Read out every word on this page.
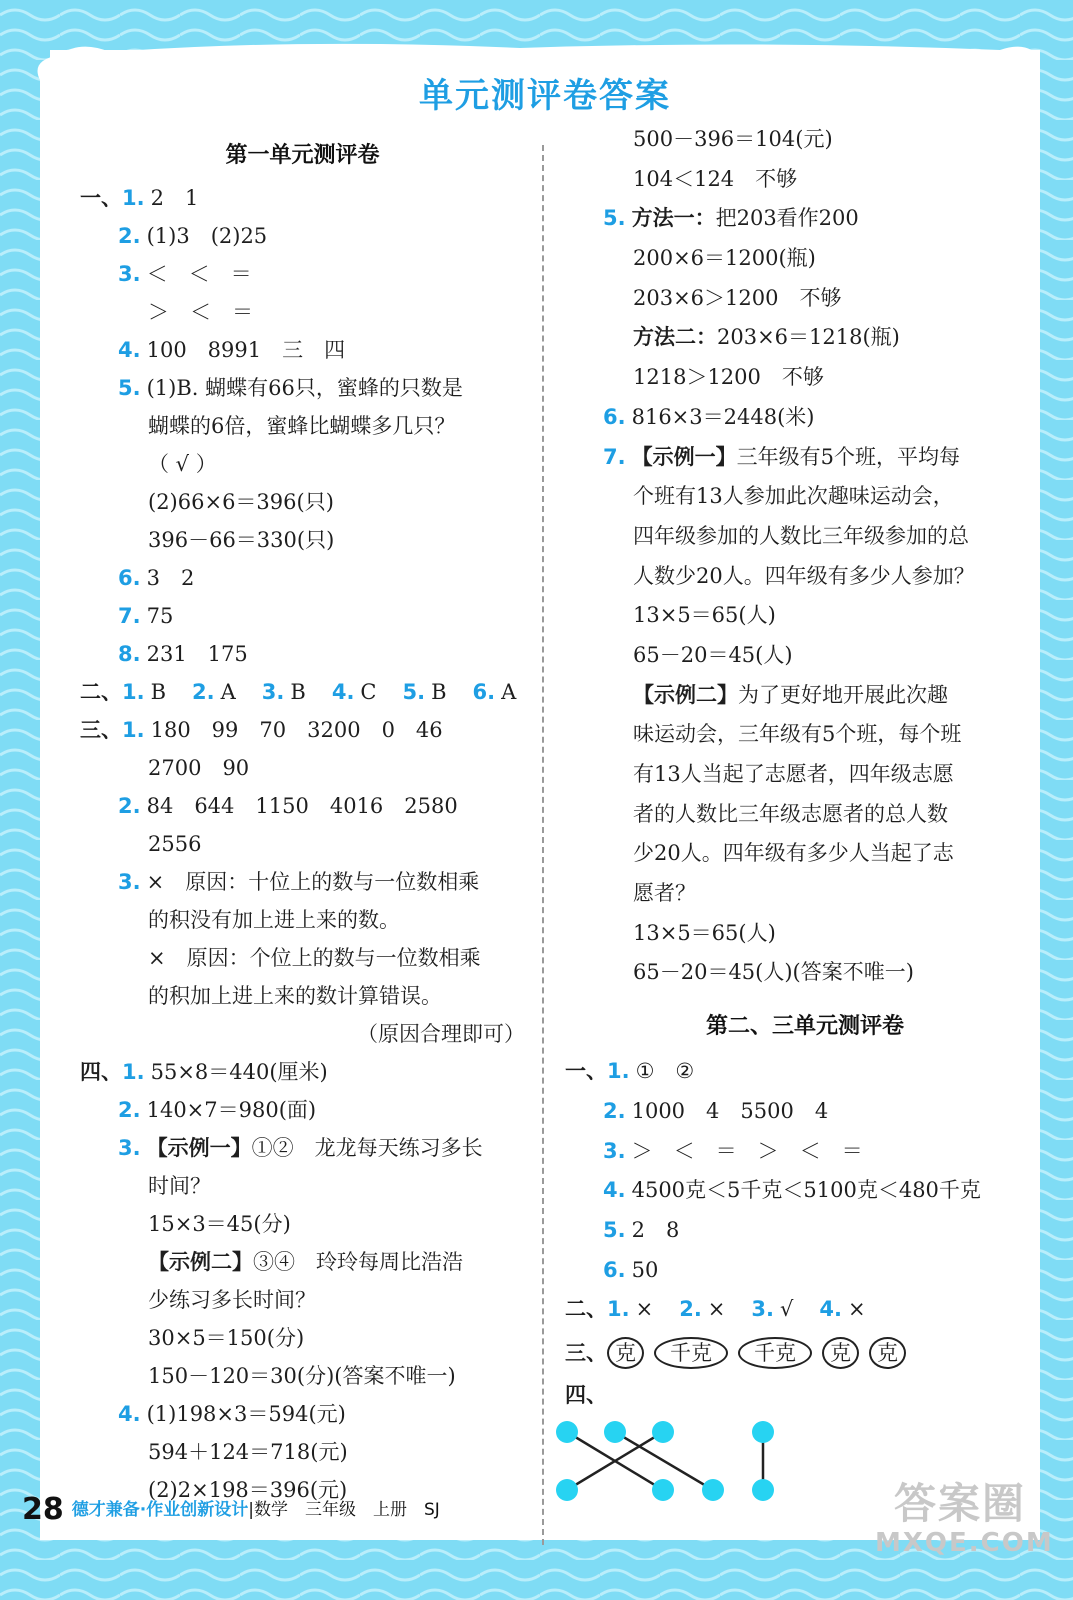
单元测评卷答案
第一单元测评卷
一、1. 2　1
2. (1)3　(2)25
3. ＜　＜　＝
＞　＜　＝
4. 100　8991　三　四
5. (1)B. 蝴蝶有66只，蜜蜂的只数是
蝴蝶的6倍，蜜蜂比蝴蝶多几只？
（ √ ）
(2)66×6＝396(只)
396－66＝330(只)
6. 3　2
7. 75
8. 231　175
二、1. B 2. A 3. B 4. C 5. B 6. A
三、1. 180　99　70　3200　0　46
2700　90
2. 84　644　1150　4016　2580
2556
3. ×　原因：十位上的数与一位数相乘
的积没有加上进上来的数。
×　原因：个位上的数与一位数相乘
的积加上进上来的数计算错误。
（原因合理即可）
四、1. 55×8＝440(厘米)
2. 140×7＝980(面)
3. 【示例一】①②　龙龙每天练习多长
时间？
15×3＝45(分)
【示例二】③④　玲玲每周比浩浩
少练习多长时间？
30×5＝150(分)
150－120＝30(分)(答案不唯一)
4. (1)198×3＝594(元)
594＋124＝718(元)
(2)2×198＝396(元)
500－396＝104(元)
104＜124　不够
5. 方法一：把203看作200
200×6＝1200(瓶)
203×6＞1200　不够
方法二：203×6＝1218(瓶)
1218＞1200　不够
6. 816×3＝2448(米)
7. 【示例一】三年级有5个班，平均每
个班有13人参加此次趣味运动会，
四年级参加的人数比三年级参加的总
人数少20人。四年级有多少人参加？
13×5＝65(人)
65－20＝45(人)
【示例二】为了更好地开展此次趣
味运动会，三年级有5个班，每个班
有13人当起了志愿者，四年级志愿
者的人数比三年级志愿者的总人数
少20人。四年级有多少人当起了志
愿者？
13×5＝65(人)
65－20＝45(人)(答案不唯一)
第二、三单元测评卷
一、1. ①　②
2. 1000　4　5500　4
3. ＞　＜　＝　＞　＜　＝
4. 4500克＜5千克＜5100克＜480千克
5. 2　8
6. 50
二、1. × 2. × 3. √ 4. ×
三、 克 千克 千克 克 克
四、
28 德才兼备·作业创新设计|数学　三年级　上册　SJ	答案圈
MXQE.COM
